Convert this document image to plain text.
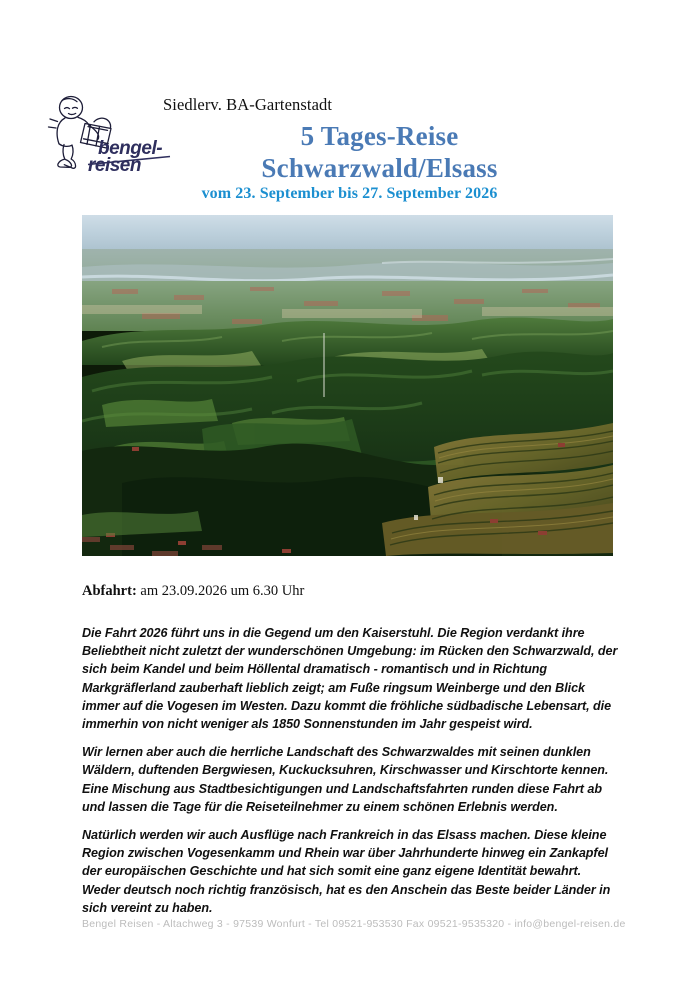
bengel-
reisen
Siedlerv. BA-Gartenstadt
5 Tages-Reise
Schwarzwald/Elsass
vom 23. September bis 27. September 2026
Abfahrt: am 23.09.2026 um 6.30 Uhr

Die Fahrt 2026 führt uns in die Gegend um den Kaiserstuhl. Die Region verdankt ihre Beliebtheit nicht zuletzt der wunderschönen Umgebung: im Rücken den Schwarzwald, der sich beim Kandel und beim Höllental dramatisch - romantisch und in Richtung Markgräflerland zauberhaft lieblich zeigt; am Fuße ringsum Weinberge und den Blick immer auf die Vogesen im Westen. Dazu kommt die fröhliche südbadische Lebensart, die immerhin von nicht weniger als 1850 Sonnenstunden im Jahr gespeist wird.

Wir lernen aber auch die herrliche Landschaft des Schwarzwaldes mit seinen dunklen Wäldern, duftenden Bergwiesen, Kuckucksuhren, Kirschwasser und Kirschtorte kennen. Eine Mischung aus Stadtbesichtigungen und Landschaftsfahrten runden diese Fahrt ab und lassen die Tage für die Reiseteilnehmer zu einem schönen Erlebnis werden.

Natürlich werden wir auch Ausflüge nach Frankreich in das Elsass machen. Diese kleine Region zwischen Vogesenkamm und Rhein war über Jahrhunderte hinweg ein Zankapfel der europäischen Geschichte und hat sich somit eine ganz eigene Identität bewahrt. Weder deutsch noch richtig französisch, hat es den Anschein das Beste beider Länder in sich vereint zu haben.

Bengel Reisen - Altachweg 3 - 97539 Wonfurt - Tel 09521-953530 Fax 09521-9535320 - info@bengel-reisen.de
